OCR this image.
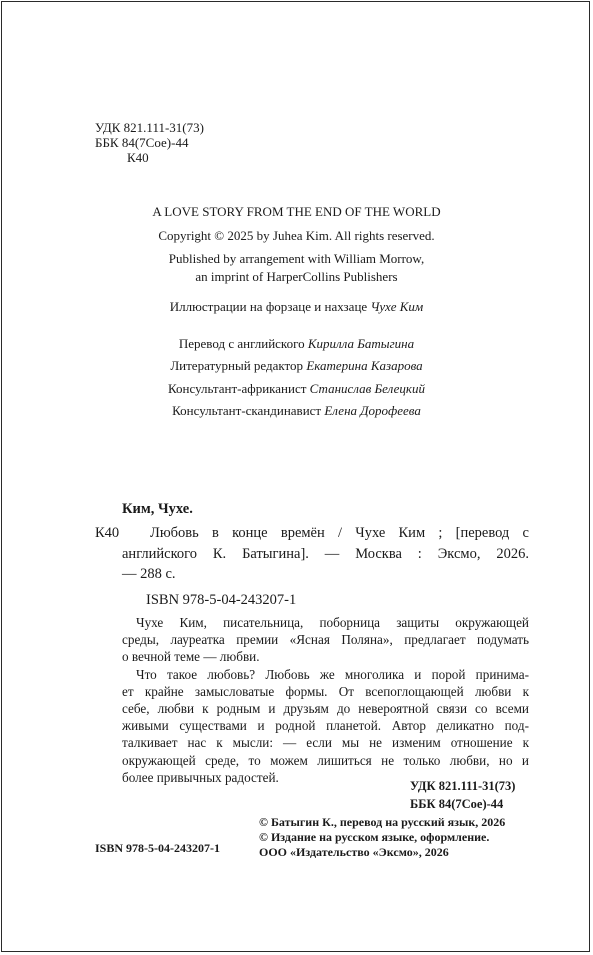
УДК 821.111-31(73)
ББК 84(7Сое)-44
К40
A LOVE STORY FROM THE END OF THE WORLD
Copyright © 2025 by Juhea Kim. All rights reserved.
Published by arrangement with William Morrow,
an imprint of HarperCollins Publishers
Иллюстрации на форзаце и нахзаце Чухе Ким
Перевод с английского Кирилла Батыгина
Литературный редактор Екатерина Казарова
Консультант-африканист Станислав Белецкий
Консультант-скандинавист Елена Дорофеева
Ким, Чухе.
К40	Любовь в конце времён / Чухе Ким ; [перевод с
английского К. Батыгина]. — Москва : Эксмо, 2026.
— 288 с.
ISBN 978-5-04-243207-1
Чухе Ким, писательница, поборница защиты окружающей
среды, лауреатка премии «Ясная Поляна», предлагает подумать
о вечной теме — любви.
Что такое любовь? Любовь же многолика и порой принима-
ет крайне замысловатые формы. От всепоглощающей любви к
себе, любви к родным и друзьям до невероятной связи со всеми
живыми существами и родной планетой. Автор деликатно под-
талкивает нас к мысли: — если мы не изменим отношение к
окружающей среде, то можем лишиться не только любви, но и
более привычных радостей.
УДК 821.111-31(73)
ББК 84(7Сое)-44
© Батыгин К., перевод на русский язык, 2026
© Издание на русском языке, оформление.
ООО «Издательство «Эксмо», 2026
ISBN 978-5-04-243207-1
